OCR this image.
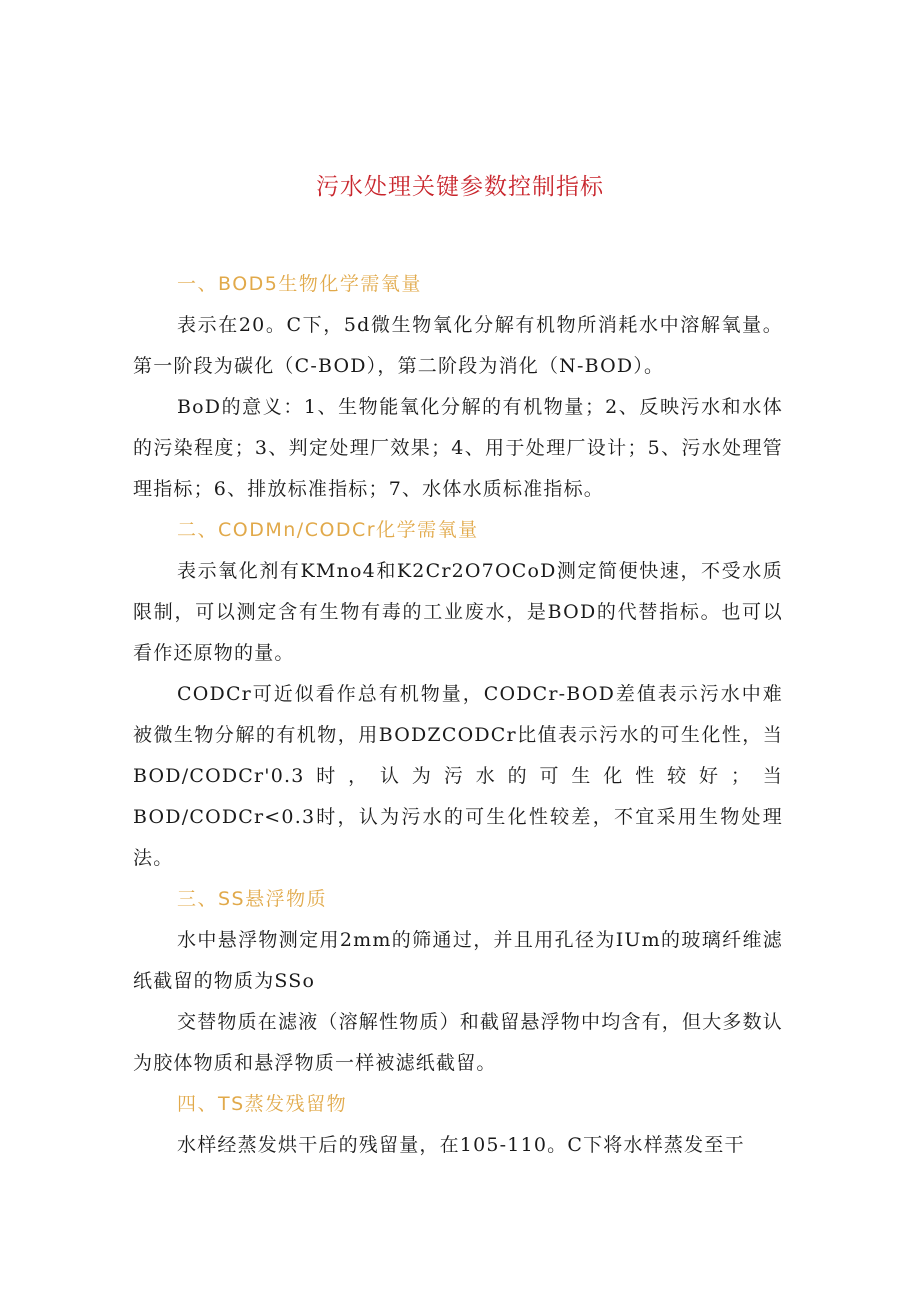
污水处理关键参数控制指标

一、BOD5生物化学需氧量

表示在20。C下，5d微生物氧化分解有机物所消耗水中溶解氧量。第一阶段为碳化（C-BOD），第二阶段为消化（N-BOD）。

BoD的意义：1、生物能氧化分解的有机物量；2、反映污水和水体的污染程度；3、判定处理厂效果；4、用于处理厂设计；5、污水处理管理指标；6、排放标准指标；7、水体水质标准指标。

二、CODMn/CODCr化学需氧量

表示氧化剂有KMno4和K2Cr2O7OCoD测定简便快速，不受水质限制，可以测定含有生物有毒的工业废水，是BOD的代替指标。也可以看作还原物的量。

CODCr可近似看作总有机物量，CODCr-BOD差值表示污水中难被微生物分解的有机物，用BODZCODCr比值表示污水的可生化性，当BOD/CODCr'0.3时，认为污水的可生化性较好；当BOD/CODCr<0.3时，认为污水的可生化性较差，不宜采用生物处理法。

三、SS悬浮物质

水中悬浮物测定用2mm的筛通过，并且用孔径为IUm的玻璃纤维滤纸截留的物质为SSo

交替物质在滤液（溶解性物质）和截留悬浮物中均含有，但大多数认为胶体物质和悬浮物质一样被滤纸截留。

四、TS蒸发残留物

水样经蒸发烘干后的残留量，在105-110。C下将水样蒸发至干
